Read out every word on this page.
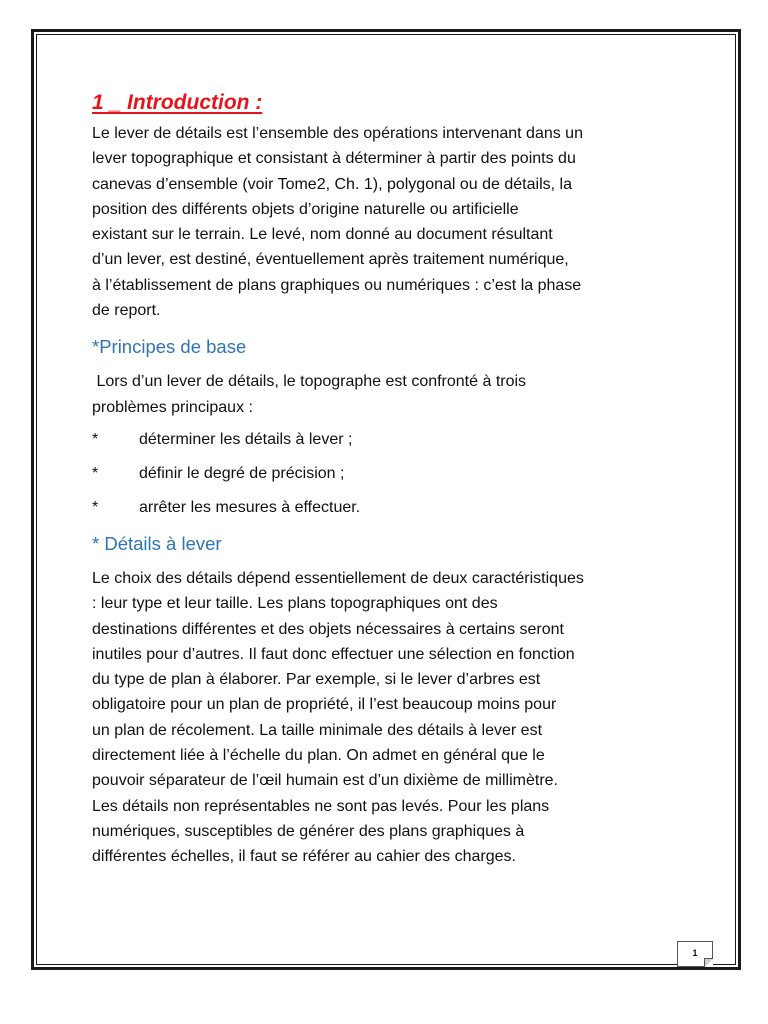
1 _ Introduction :

Le lever de détails est l’ensemble des opérations intervenant dans un
lever topographique et consistant à déterminer à partir des points du
canevas d’ensemble (voir Tome2, Ch. 1), polygonal ou de détails, la
position des différents objets d’origine naturelle ou artificielle
existant sur le terrain. Le levé, nom donné au document résultant
d’un lever, est destiné, éventuellement après traitement numérique,
à l’établissement de plans graphiques ou numériques : c’est la phase
de report.

*Principes de base

Lors d’un lever de détails, le topographe est confronté à trois
problèmes principaux :

*	déterminer les détails à lever ;
*	définir le degré de précision ;
*	arrêter les mesures à effectuer.
* Détails à lever

Le choix des détails dépend essentiellement de deux caractéristiques
: leur type et leur taille. Les plans topographiques ont des
destinations différentes et des objets nécessaires à certains seront
inutiles pour d’autres. Il faut donc effectuer une sélection en fonction
du type de plan à élaborer. Par exemple, si le lever d’arbres est
obligatoire pour un plan de propriété, il l’est beaucoup moins pour
un plan de récolement. La taille minimale des détails à lever est
directement liée à l’échelle du plan. On admet en général que le
pouvoir séparateur de l’œil humain est d’un dixième de millimètre.
Les détails non représentables ne sont pas levés. Pour les plans
numériques, susceptibles de générer des plans graphiques à
différentes échelles, il faut se référer au cahier des charges.

1
